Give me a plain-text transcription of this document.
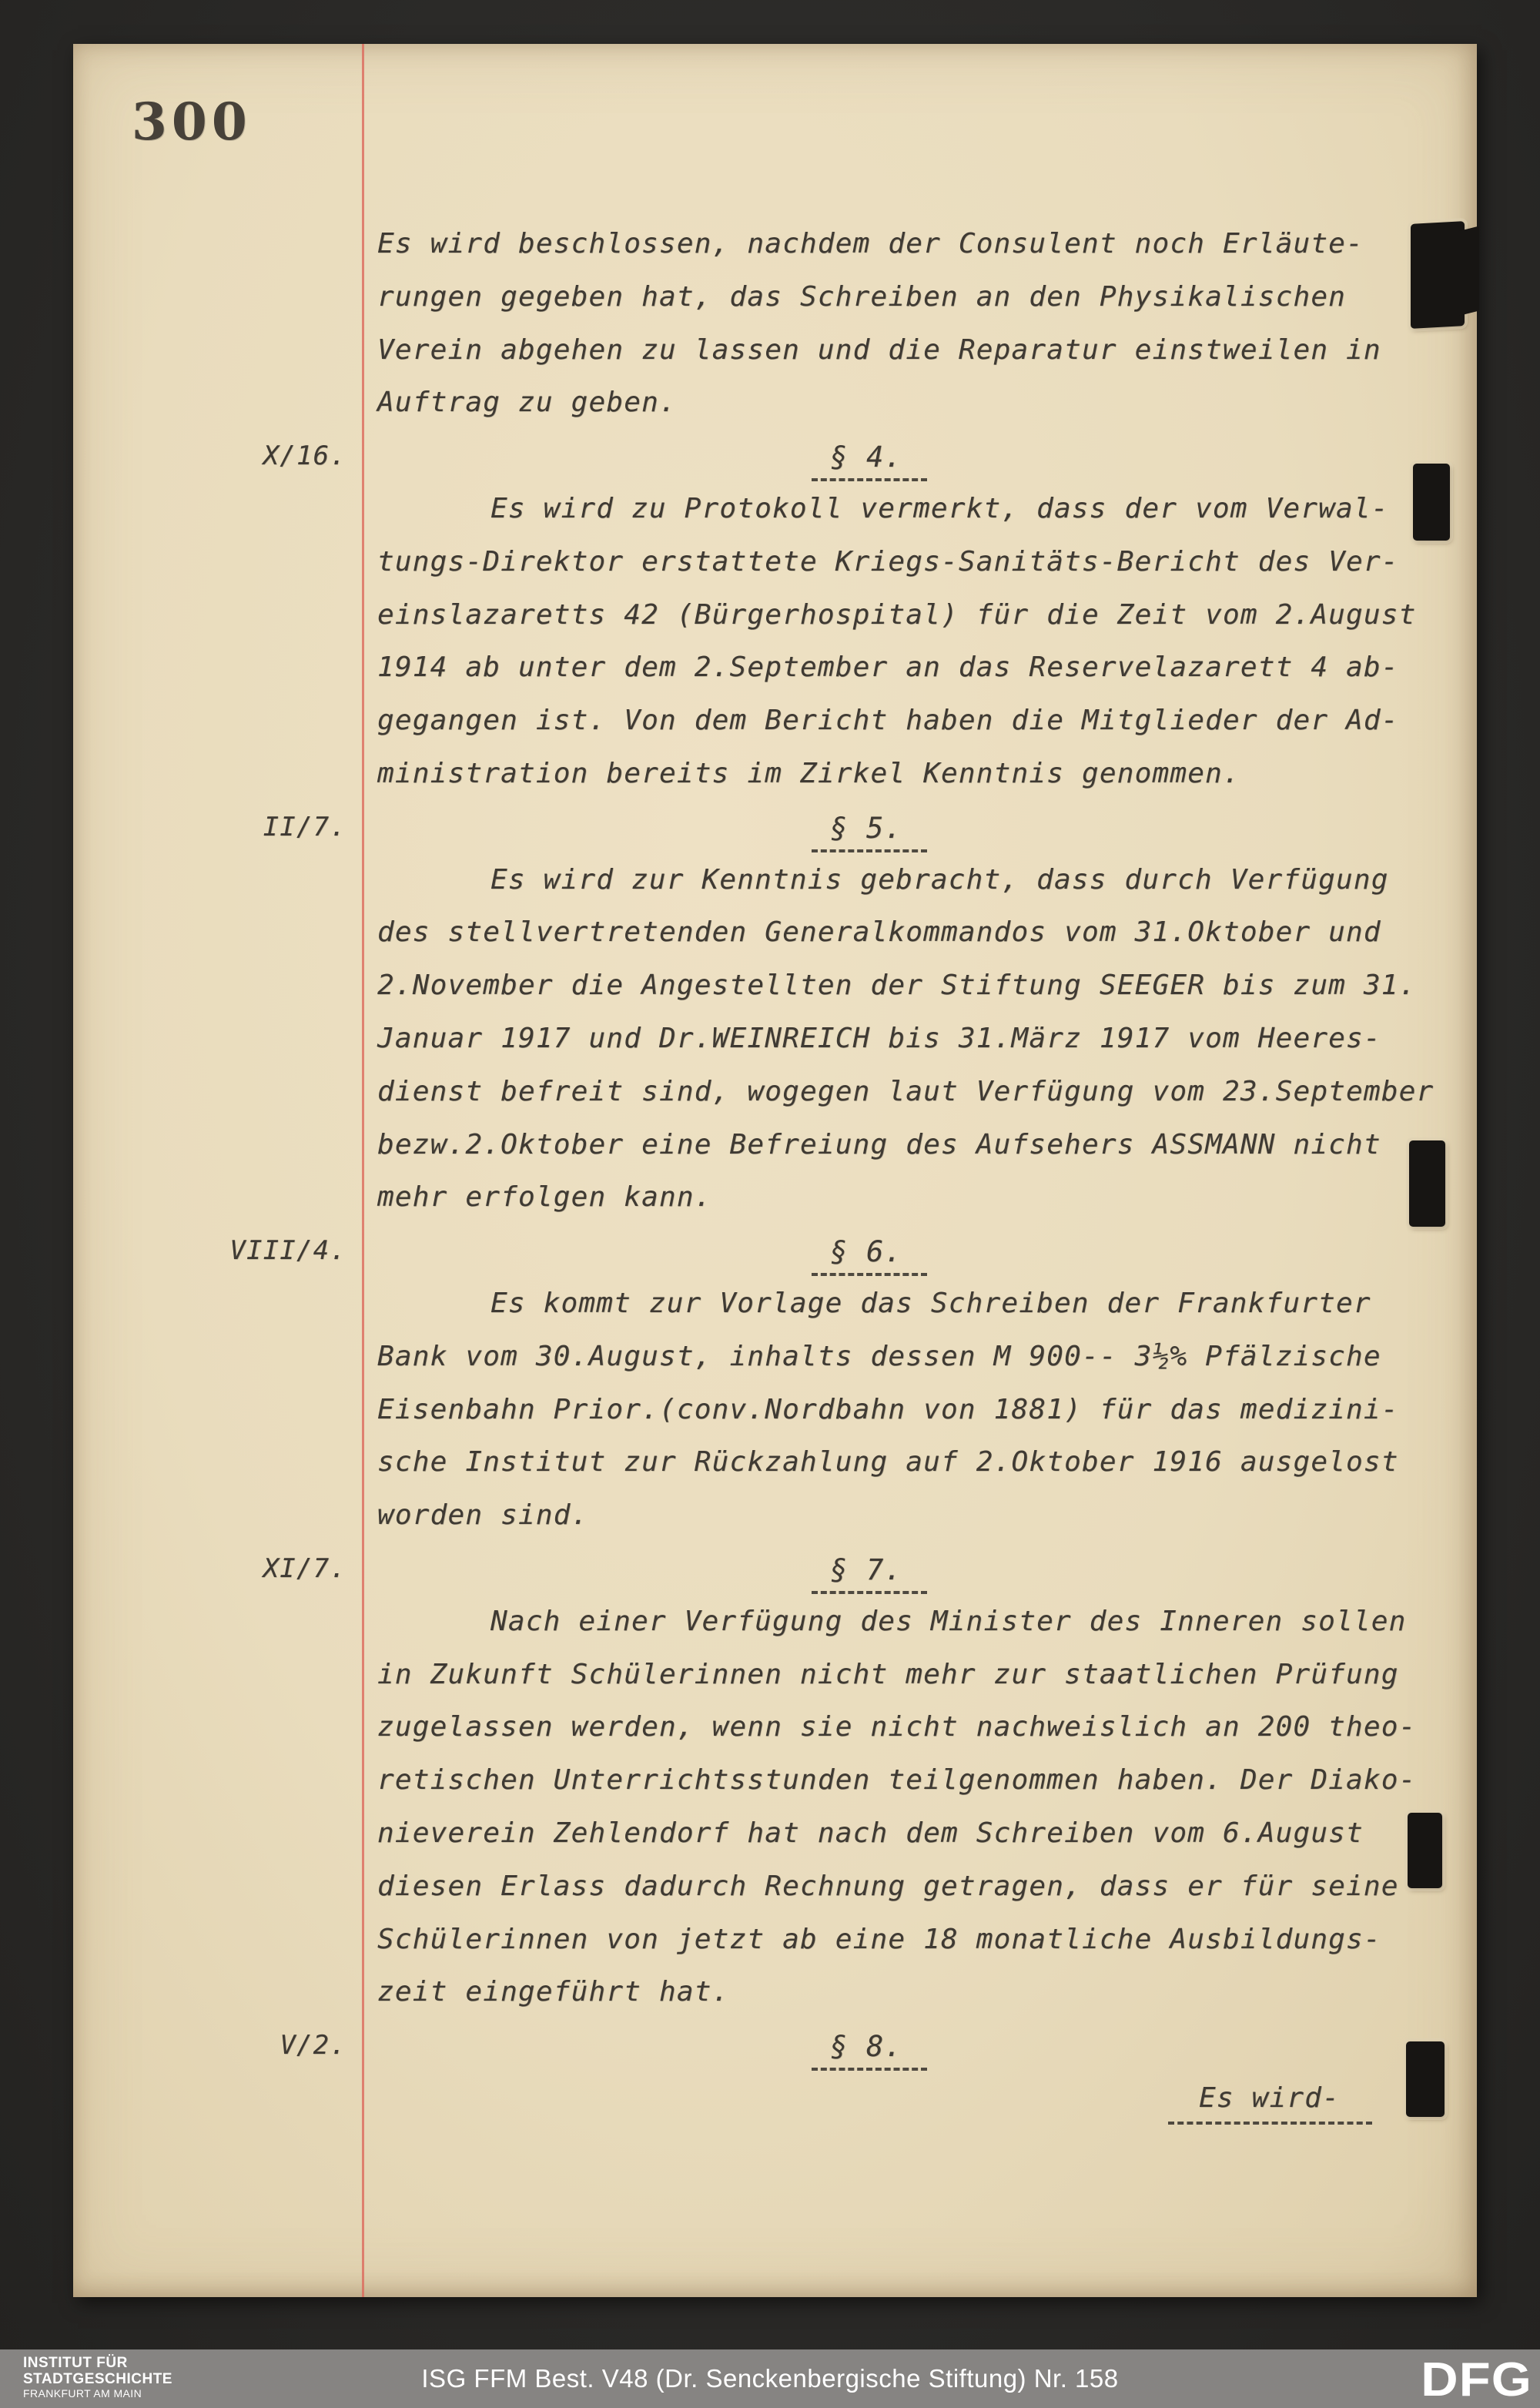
300
Es wird beschlossen, nachdem der Consulent noch Erläute-
rungen gegeben hat, das Schreiben an den Physikalischen
Verein abgehen zu lassen und die Reparatur einstweilen in
Auftrag zu geben.
X/16.	§ 4.
Es wird zu Protokoll vermerkt, dass der vom Verwal-
tungs-Direktor erstattete Kriegs-Sanitäts-Bericht des Ver-
einslazaretts 42 (Bürgerhospital) für die Zeit vom 2.August
1914 ab unter dem 2.September an das Reservelazarett 4 ab-
gegangen ist. Von dem Bericht haben die Mitglieder der Ad-
ministration bereits im Zirkel Kenntnis genommen.
II/7.	§ 5.
Es wird zur Kenntnis gebracht, dass durch Verfügung
des stellvertretenden Generalkommandos vom 31.Oktober und
2.November die Angestellten der Stiftung SEEGER bis zum 31.
Januar 1917 und Dr.WEINREICH bis 31.März 1917 vom Heeres-
dienst befreit sind, wogegen laut Verfügung vom 23.September
bezw.2.Oktober eine Befreiung des Aufsehers ASSMANN nicht
mehr erfolgen kann.
VIII/4.	§ 6.
Es kommt zur Vorlage das Schreiben der Frankfurter
Bank vom 30.August, inhalts dessen M 900-- 3½% Pfälzische
Eisenbahn Prior.(conv.Nordbahn von 1881) für das medizini-
sche Institut zur Rückzahlung auf 2.Oktober 1916 ausgelost
worden sind.
XI/7.	§ 7.
Nach einer Verfügung des Minister des Inneren sollen
in Zukunft Schülerinnen nicht mehr zur staatlichen Prüfung
zugelassen werden, wenn sie nicht nachweislich an 200 theo-
retischen Unterrichtsstunden teilgenommen haben. Der Diako-
nieverein Zehlendorf hat nach dem Schreiben vom 6.August
diesen Erlass dadurch Rechnung getragen, dass er für seine
Schülerinnen von jetzt ab eine 18 monatliche Ausbildungs-
zeit eingeführt hat.
V/2.	§ 8.
Es wird-
INSTITUT FÜR
STADTGESCHICHTE
FRANKFURT AM MAIN
ISG FFM Best. V48 (Dr. Senckenbergische Stiftung) Nr. 158	DFG
